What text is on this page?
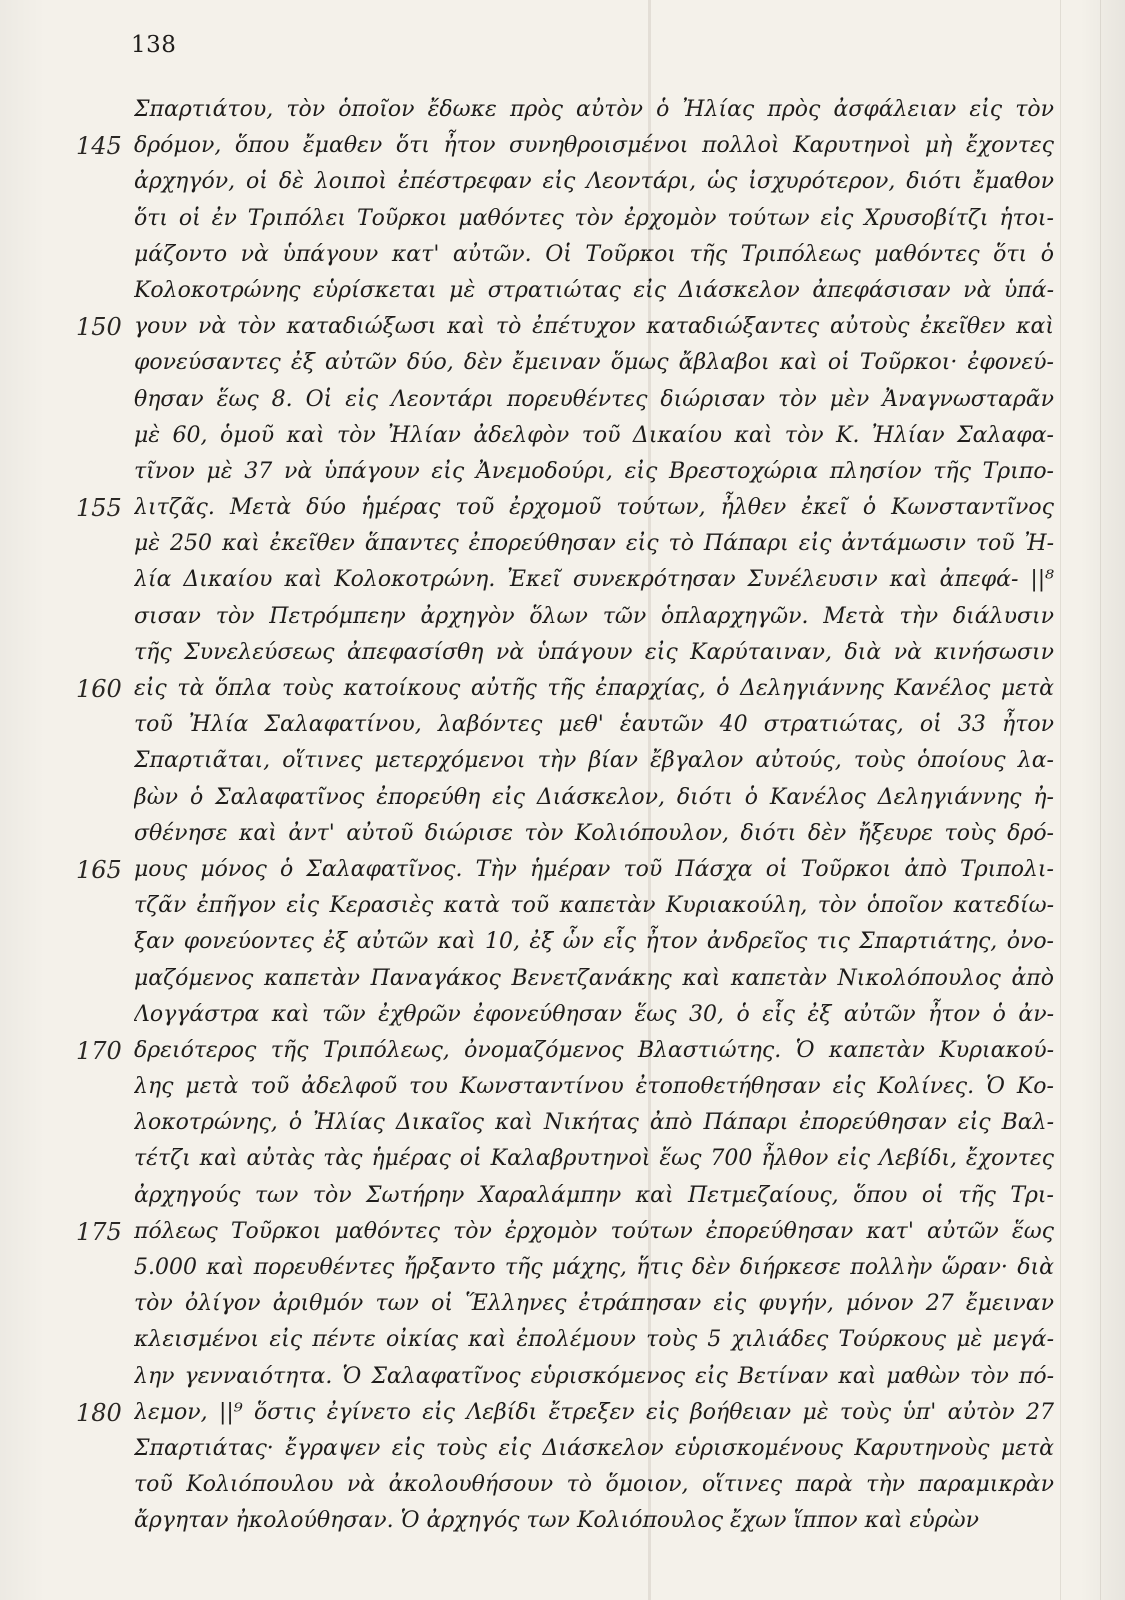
138
Σπαρτιάτου, τὸν ὁποῖον ἔδωκε πρὸς αὐτὸν ὁ Ἠλίας πρὸς ἀσφάλειαν εἰς τὸν
145 δρόμον, ὅπου ἔμαθεν ὅτι ἦτον συνηθροισμένοι πολλοὶ Καρυτηνοὶ μὴ ἔχοντες
ἀρχηγόν, οἱ δὲ λοιποὶ ἐπέστρεφαν εἰς Λεοντάρι, ὡς ἰσχυρότερον, διότι ἔμαθον
ὅτι οἱ ἐν Τριπόλει Τοῦρκοι μαθόντες τὸν ἐρχομὸν τούτων εἰς Χρυσοβίτζι ἡτοι-
μάζοντο νὰ ὑπάγουν κατ' αὐτῶν. Οἱ Τοῦρκοι τῆς Τριπόλεως μαθόντες ὅτι ὁ
Κολοκοτρώνης εὑρίσκεται μὲ στρατιώτας εἰς Διάσκελον ἀπεφάσισαν νὰ ὑπά-
150 γουν νὰ τὸν καταδιώξωσι καὶ τὸ ἐπέτυχον καταδιώξαντες αὐτοὺς ἐκεῖθεν καὶ
φονεύσαντες ἐξ αὐτῶν δύο, δὲν ἔμειναν ὅμως ἄβλαβοι καὶ οἱ Τοῦρκοι· ἐφονεύ-
θησαν ἕως 8. Οἱ εἰς Λεοντάρι πορευθέντες διώρισαν τὸν μὲν Ἀναγνωσταρᾶν
μὲ 60, ὁμοῦ καὶ τὸν Ἠλίαν ἀδελφὸν τοῦ Δικαίου καὶ τὸν Κ. Ἠλίαν Σαλαφα-
τῖνον μὲ 37 νὰ ὑπάγουν εἰς Ἀνεμοδούρι, εἰς Βρεστοχώρια πλησίον τῆς Τριπο-
155 λιτζᾶς. Μετὰ δύο ἡμέρας τοῦ ἐρχομοῦ τούτων, ἦλθεν ἐκεῖ ὁ Κωνσταντῖνος
μὲ 250 καὶ ἐκεῖθεν ἅπαντες ἐπορεύθησαν εἰς τὸ Πάπαρι εἰς ἀντάμωσιν τοῦ Ἠ-
λία Δικαίου καὶ Κολοκοτρώνη. Ἐκεῖ συνεκρότησαν Συνέλευσιν καὶ ἀπεφά- ||⁸
σισαν τὸν Πετρόμπεην ἀρχηγὸν ὅλων τῶν ὁπλαρχηγῶν. Μετὰ τὴν διάλυσιν
τῆς Συνελεύσεως ἀπεφασίσθη νὰ ὑπάγουν εἰς Καρύταιναν, διὰ νὰ κινήσωσιν
160 εἰς τὰ ὅπλα τοὺς κατοίκους αὐτῆς τῆς ἐπαρχίας, ὁ Δεληγιάννης Κανέλος μετὰ
τοῦ Ἠλία Σαλαφατίνου, λαβόντες μεθ' ἑαυτῶν 40 στρατιώτας, οἱ 33 ἦτον
Σπαρτιᾶται, οἵτινες μετερχόμενοι τὴν βίαν ἔβγαλον αὐτούς, τοὺς ὁποίους λα-
βὼν ὁ Σαλαφατῖνος ἐπορεύθη εἰς Διάσκελον, διότι ὁ Κανέλος Δεληγιάννης ἠ-
σθένησε καὶ ἀντ' αὐτοῦ διώρισε τὸν Κολιόπουλον, διότι δὲν ἤξευρε τοὺς δρό-
165 μους μόνος ὁ Σαλαφατῖνος. Τὴν ἡμέραν τοῦ Πάσχα οἱ Τοῦρκοι ἀπὸ Τριπολι-
τζᾶν ἐπῆγον εἰς Κερασιὲς κατὰ τοῦ καπετὰν Κυριακούλη, τὸν ὁποῖον κατεδίω-
ξαν φονεύοντες ἐξ αὐτῶν καὶ 10, ἐξ ὧν εἷς ἦτον ἀνδρεῖος τις Σπαρτιάτης, ὀνο-
μαζόμενος καπετὰν Παναγάκος Βενετζανάκης καὶ καπετὰν Νικολόπουλος ἀπὸ
Λογγάστρα καὶ τῶν ἐχθρῶν ἐφονεύθησαν ἕως 30, ὁ εἷς ἐξ αὐτῶν ἦτον ὁ ἀν-
170 δρειότερος τῆς Τριπόλεως, ὀνομαζόμενος Βλαστιώτης. Ὁ καπετὰν Κυριακού-
λης μετὰ τοῦ ἀδελφοῦ του Κωνσταντίνου ἐτοποθετήθησαν εἰς Κολίνες. Ὁ Κο-
λοκοτρώνης, ὁ Ἠλίας Δικαῖος καὶ Νικήτας ἀπὸ Πάπαρι ἐπορεύθησαν εἰς Βαλ-
τέτζι καὶ αὐτὰς τὰς ἡμέρας οἱ Καλαβρυτηνοὶ ἕως 700 ἦλθον εἰς Λεβίδι, ἔχοντες
ἀρχηγούς των τὸν Σωτήρην Χαραλάμπην καὶ Πετμεζαίους, ὅπου οἱ τῆς Τρι-
175 πόλεως Τοῦρκοι μαθόντες τὸν ἐρχομὸν τούτων ἐπορεύθησαν κατ' αὐτῶν ἕως
5.000 καὶ πορευθέντες ἤρξαντο τῆς μάχης, ἥτις δὲν διήρκεσε πολλὴν ὥραν· διὰ
τὸν ὀλίγον ἀριθμόν των οἱ Ἕλληνες ἐτράπησαν εἰς φυγήν, μόνον 27 ἔμειναν
κλεισμένοι εἰς πέντε οἰκίας καὶ ἐπολέμουν τοὺς 5 χιλιάδες Τούρκους μὲ μεγά-
λην γενναιότητα. Ὁ Σαλαφατῖνος εὑρισκόμενος εἰς Βετίναν καὶ μαθὼν τὸν πό-
180 λεμον, ||⁹ ὅστις ἐγίνετο εἰς Λεβίδι ἔτρεξεν εἰς βοήθειαν μὲ τοὺς ὑπ' αὐτὸν 27
Σπαρτιάτας· ἔγραψεν εἰς τοὺς εἰς Διάσκελον εὑρισκομένους Καρυτηνοὺς μετὰ
τοῦ Κολιόπουλου νὰ ἀκολουθήσουν τὸ ὅμοιον, οἵτινες παρὰ τὴν παραμικρὰν
ἄργηταν ἠκολούθησαν. Ὁ ἀρχηγός των Κολιόπουλος ἔχων ἵππον καὶ εὑρὼν
